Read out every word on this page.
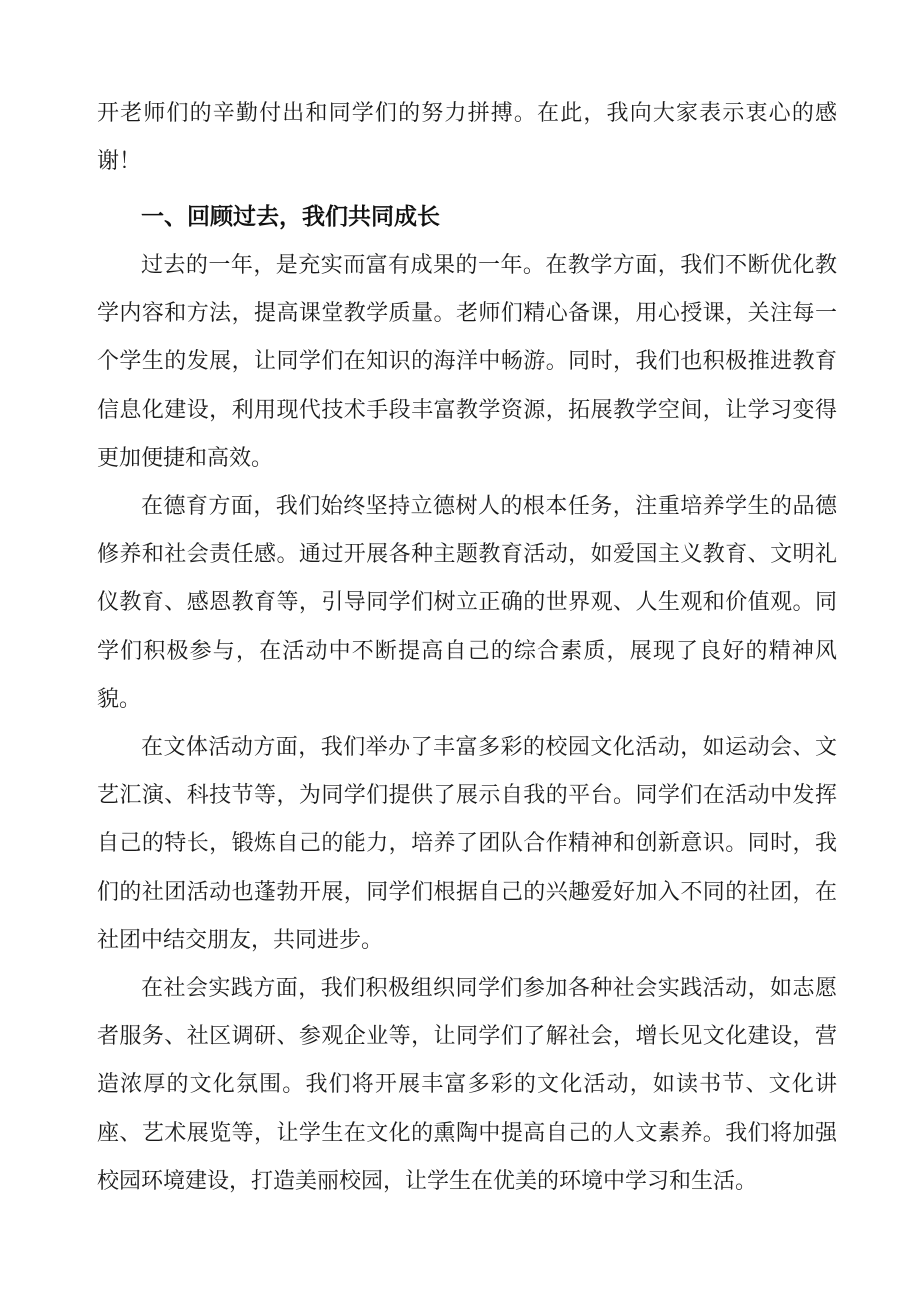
开老师们的辛勤付出和同学们的努力拼搏。在此，我向大家表示衷心的感谢！

一、回顾过去，我们共同成长

过去的一年，是充实而富有成果的一年。在教学方面，我们不断优化教学内容和方法，提高课堂教学质量。老师们精心备课，用心授课，关注每一个学生的发展，让同学们在知识的海洋中畅游。同时，我们也积极推进教育信息化建设，利用现代技术手段丰富教学资源，拓展教学空间，让学习变得更加便捷和高效。

在德育方面，我们始终坚持立德树人的根本任务，注重培养学生的品德修养和社会责任感。通过开展各种主题教育活动，如爱国主义教育、文明礼仪教育、感恩教育等，引导同学们树立正确的世界观、人生观和价值观。同学们积极参与，在活动中不断提高自己的综合素质，展现了良好的精神风貌。

在文体活动方面，我们举办了丰富多彩的校园文化活动，如运动会、文艺汇演、科技节等，为同学们提供了展示自我的平台。同学们在活动中发挥自己的特长，锻炼自己的能力，培养了团队合作精神和创新意识。同时，我们的社团活动也蓬勃开展，同学们根据自己的兴趣爱好加入不同的社团，在社团中结交朋友，共同进步。

在社会实践方面，我们积极组织同学们参加各种社会实践活动，如志愿者服务、社区调研、参观企业等，让同学们了解社会，增长见文化建设，营造浓厚的文化氛围。我们将开展丰富多彩的文化活动，如读书节、文化讲座、艺术展览等，让学生在文化的熏陶中提高自己的人文素养。我们将加强校园环境建设，打造美丽校园，让学生在优美的环境中学习和生活。
